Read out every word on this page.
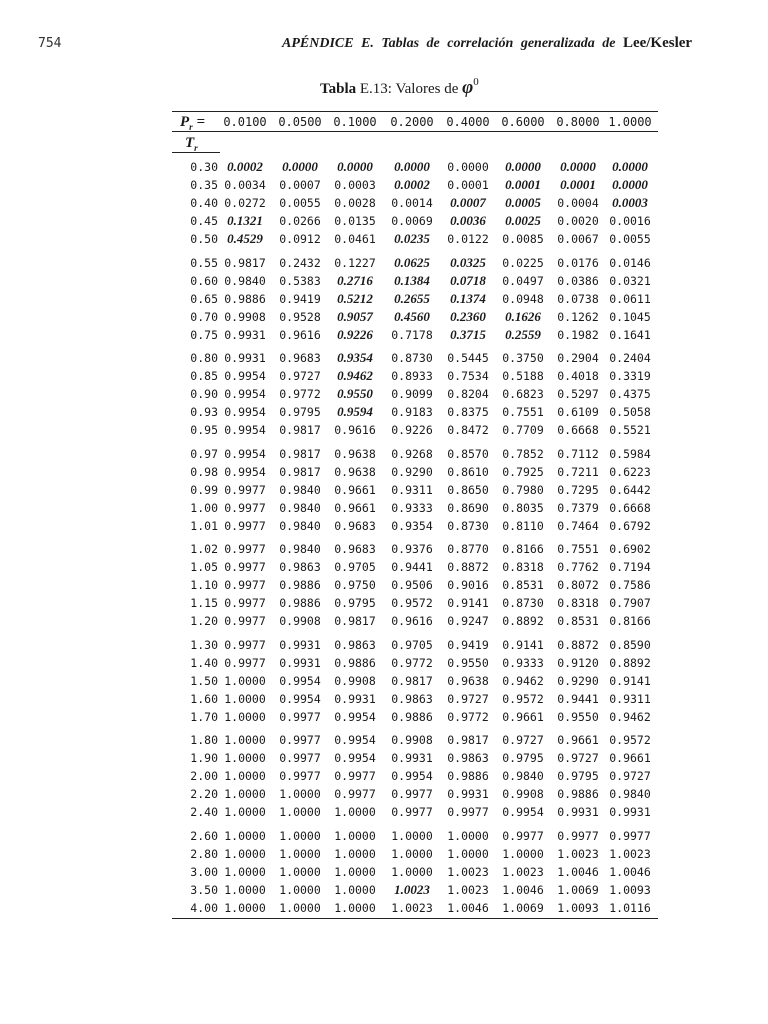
754	APÉNDICE E. Tablas de correlación generalizada de Lee/Kesler
Tabla E.13: Valores de $\varphi^0$
$P_r$ =	0.0100 0.0500 0.1000	0.2000	0.4000 0.6000 0.8000 1.0000
$T_r$
0.30 0.0002	0.0000	0.0000	0.0000	0.0000	0.0000	0.0000	0.0000
0.35 0.0034	0.0007	0.0003	0.0002	0.0001	0.0001	0.0001	0.0000
0.40 0.0272	0.0055	0.0028	0.0014	0.0007	0.0005	0.0004	0.0003
0.45 0.1321	0.0266	0.0135	0.0069	0.0036	0.0025	0.0020 0.0016
0.50 0.4529	0.0912	0.0461	0.0235	0.0122	0.0085	0.0067 0.0055
0.55 0.9817	0.2432	0.1227	0.0625	0.0325	0.0225	0.0176 0.0146
0.60 0.9840	0.5383	0.2716	0.1384	0.0718	0.0497	0.0386 0.0321
0.65 0.9886	0.9419	0.5212	0.2655	0.1374	0.0948	0.0738 0.0611
0.70 0.9908	0.9528	0.9057	0.4560	0.2360	0.1626	0.1262 0.1045
0.75 0.9931	0.9616	0.9226	0.7178	0.3715	0.2559	0.1982 0.1641
0.80 0.9931	0.9683	0.9354	0.8730	0.5445	0.3750	0.2904 0.2404
0.85 0.9954	0.9727	0.9462	0.8933	0.7534	0.5188	0.4018 0.3319
0.90 0.9954	0.9772	0.9550	0.9099	0.8204	0.6823	0.5297 0.4375
0.93 0.9954	0.9795	0.9594	0.9183	0.8375	0.7551	0.6109 0.5058
0.95 0.9954	0.9817	0.9616	0.9226	0.8472	0.7709	0.6668 0.5521
0.97 0.9954	0.9817	0.9638	0.9268	0.8570	0.7852	0.7112 0.5984
0.98 0.9954	0.9817	0.9638	0.9290	0.8610	0.7925	0.7211 0.6223
0.99 0.9977	0.9840	0.9661	0.9311	0.8650	0.7980	0.7295 0.6442
1.00 0.9977	0.9840	0.9661	0.9333	0.8690	0.8035	0.7379 0.6668
1.01 0.9977	0.9840	0.9683	0.9354	0.8730	0.8110	0.7464 0.6792
1.02 0.9977	0.9840	0.9683	0.9376	0.8770	0.8166	0.7551 0.6902
1.05 0.9977	0.9863	0.9705	0.9441	0.8872	0.8318	0.7762 0.7194
1.10 0.9977	0.9886	0.9750	0.9506	0.9016	0.8531	0.8072 0.7586
1.15 0.9977	0.9886	0.9795	0.9572	0.9141	0.8730	0.8318 0.7907
1.20 0.9977	0.9908	0.9817	0.9616	0.9247	0.8892	0.8531 0.8166
1.30 0.9977	0.9931	0.9863	0.9705	0.9419	0.9141	0.8872 0.8590
1.40 0.9977	0.9931	0.9886	0.9772	0.9550	0.9333	0.9120 0.8892
1.50 1.0000	0.9954	0.9908	0.9817	0.9638	0.9462	0.9290 0.9141
1.60 1.0000	0.9954	0.9931	0.9863	0.9727	0.9572	0.9441 0.9311
1.70 1.0000	0.9977	0.9954	0.9886	0.9772	0.9661	0.9550 0.9462
1.80 1.0000	0.9977	0.9954	0.9908	0.9817	0.9727	0.9661 0.9572
1.90 1.0000	0.9977	0.9954	0.9931	0.9863	0.9795	0.9727 0.9661
2.00 1.0000	0.9977	0.9977	0.9954	0.9886	0.9840	0.9795 0.9727
2.20 1.0000	1.0000	0.9977	0.9977	0.9931	0.9908	0.9886 0.9840
2.40 1.0000	1.0000	1.0000	0.9977	0.9977	0.9954	0.9931 0.9931
2.60 1.0000	1.0000	1.0000	1.0000	1.0000	0.9977	0.9977 0.9977
2.80 1.0000	1.0000	1.0000	1.0000	1.0000	1.0000	1.0023 1.0023
3.00 1.0000	1.0000	1.0000	1.0000	1.0023	1.0023	1.0046 1.0046
3.50 1.0000	1.0000	1.0000	1.0023	1.0023	1.0046	1.0069 1.0093
4.00 1.0000	1.0000	1.0000	1.0023	1.0046	1.0069	1.0093 1.0116
